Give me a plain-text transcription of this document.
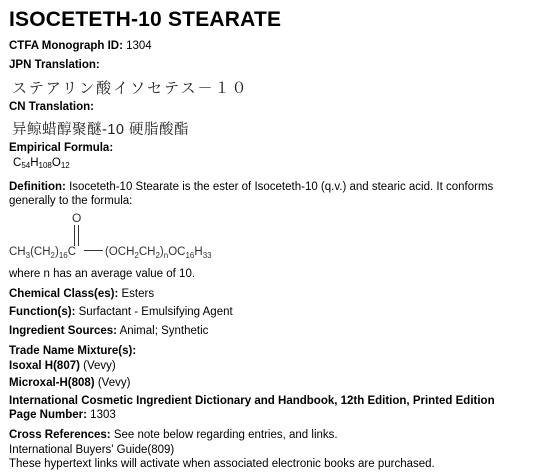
ISOCETETH-10 STEARATE
CTFA Monograph ID: 1304
JPN Translation:
ステアリン酸イソセテス－１０
CN Translation:
异鲸蜡醇聚醚-10 硬脂酸酯
Empirical Formula:
$C_{54}H_{108}O_{12}$
Definition: Isoceteth-10 Stearate is the ester of Isoceteth-10 (q.v.) and stearic acid. It conforms generally to the formula:
O
$CH_3(CH_2)_{16}C$	$(OCH_2CH_2)_nOC_{16}H_{33}$
where n has an average value of 10.
Chemical Class(es): Esters
Function(s): Surfactant - Emulsifying Agent
Ingredient Sources: Animal; Synthetic
Trade Name Mixture(s):
Isoxal H(807) (Vevy)
Microxal-H(808) (Vevy)
International Cosmetic Ingredient Dictionary and Handbook, 12th Edition, Printed Edition
Page Number: 1303
Cross References: See note below regarding entries, and links.
International Buyers' Guide(809)
These hypertext links will activate when associated electronic books are purchased.
